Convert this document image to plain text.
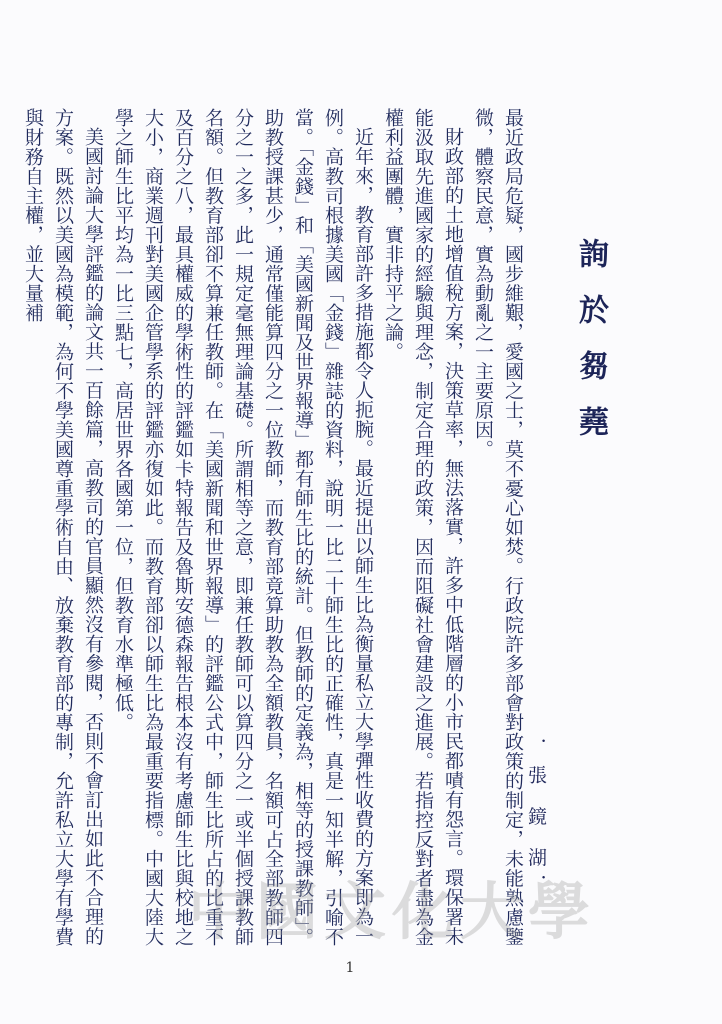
詢於芻蕘
．張 鏡 湖．

最近政局危疑，國步維艱，愛國之士，莫不憂心如焚。行政院許多部會對政策的制定，未能熟慮鑒微，體察民意，實為動亂之一主要原因。

財政部的土地增值稅方案，決策草率，無法落實，許多中低階層的小市民都嘖有怨言。環保署未能汲取先進國家的經驗與理念，制定合理的政策，因而阻礙社會建設之進展。若指控反對者盡為金權利益團體，實非持平之論。

近年來，教育部許多措施都令人扼腕。最近提出以師生比為衡量私立大學彈性收費的方案即為一例。高教司根據美國「金錢」雜誌的資料，說明一比二十師生比的正確性，真是一知半解，引喻不當。「金錢」和「美國新聞及世界報導」都有師生比的統計。但教師的定義為，相等的授課教師」。助教授課甚少，通常僅能算四分之一位教師，而教育部竟算助教為全額教員，名額可占全部教師四分之一之多，此一規定毫無理論基礎。所謂相等之意，即兼任教師可以算四分之一或半個授課教師名額。但教育部卻不算兼任教師。在「美國新聞和世界報導」的評鑑公式中，師生比所占的比重不及百分之八，最具權威的學術性的評鑑如卡特報告及魯斯安德森報告根本沒有考慮師生比與校地之大小，商業週刊對美國企管學系的評鑑亦復如此。而教育部卻以師生比為最重要指標。中國大陸大學之師生比平均為一比三點七，高居世界各國第一位，但教育水準極低。

美國討論大學評鑑的論文共一百餘篇，高教司的官員顯然沒有參閱，否則不會訂出如此不合理的方案。既然以美國為模範，為何不學美國尊重學術自由、放棄教育部的專制，允許私立大學有學費與財務自主權，並大量補

中國文化大學
1
